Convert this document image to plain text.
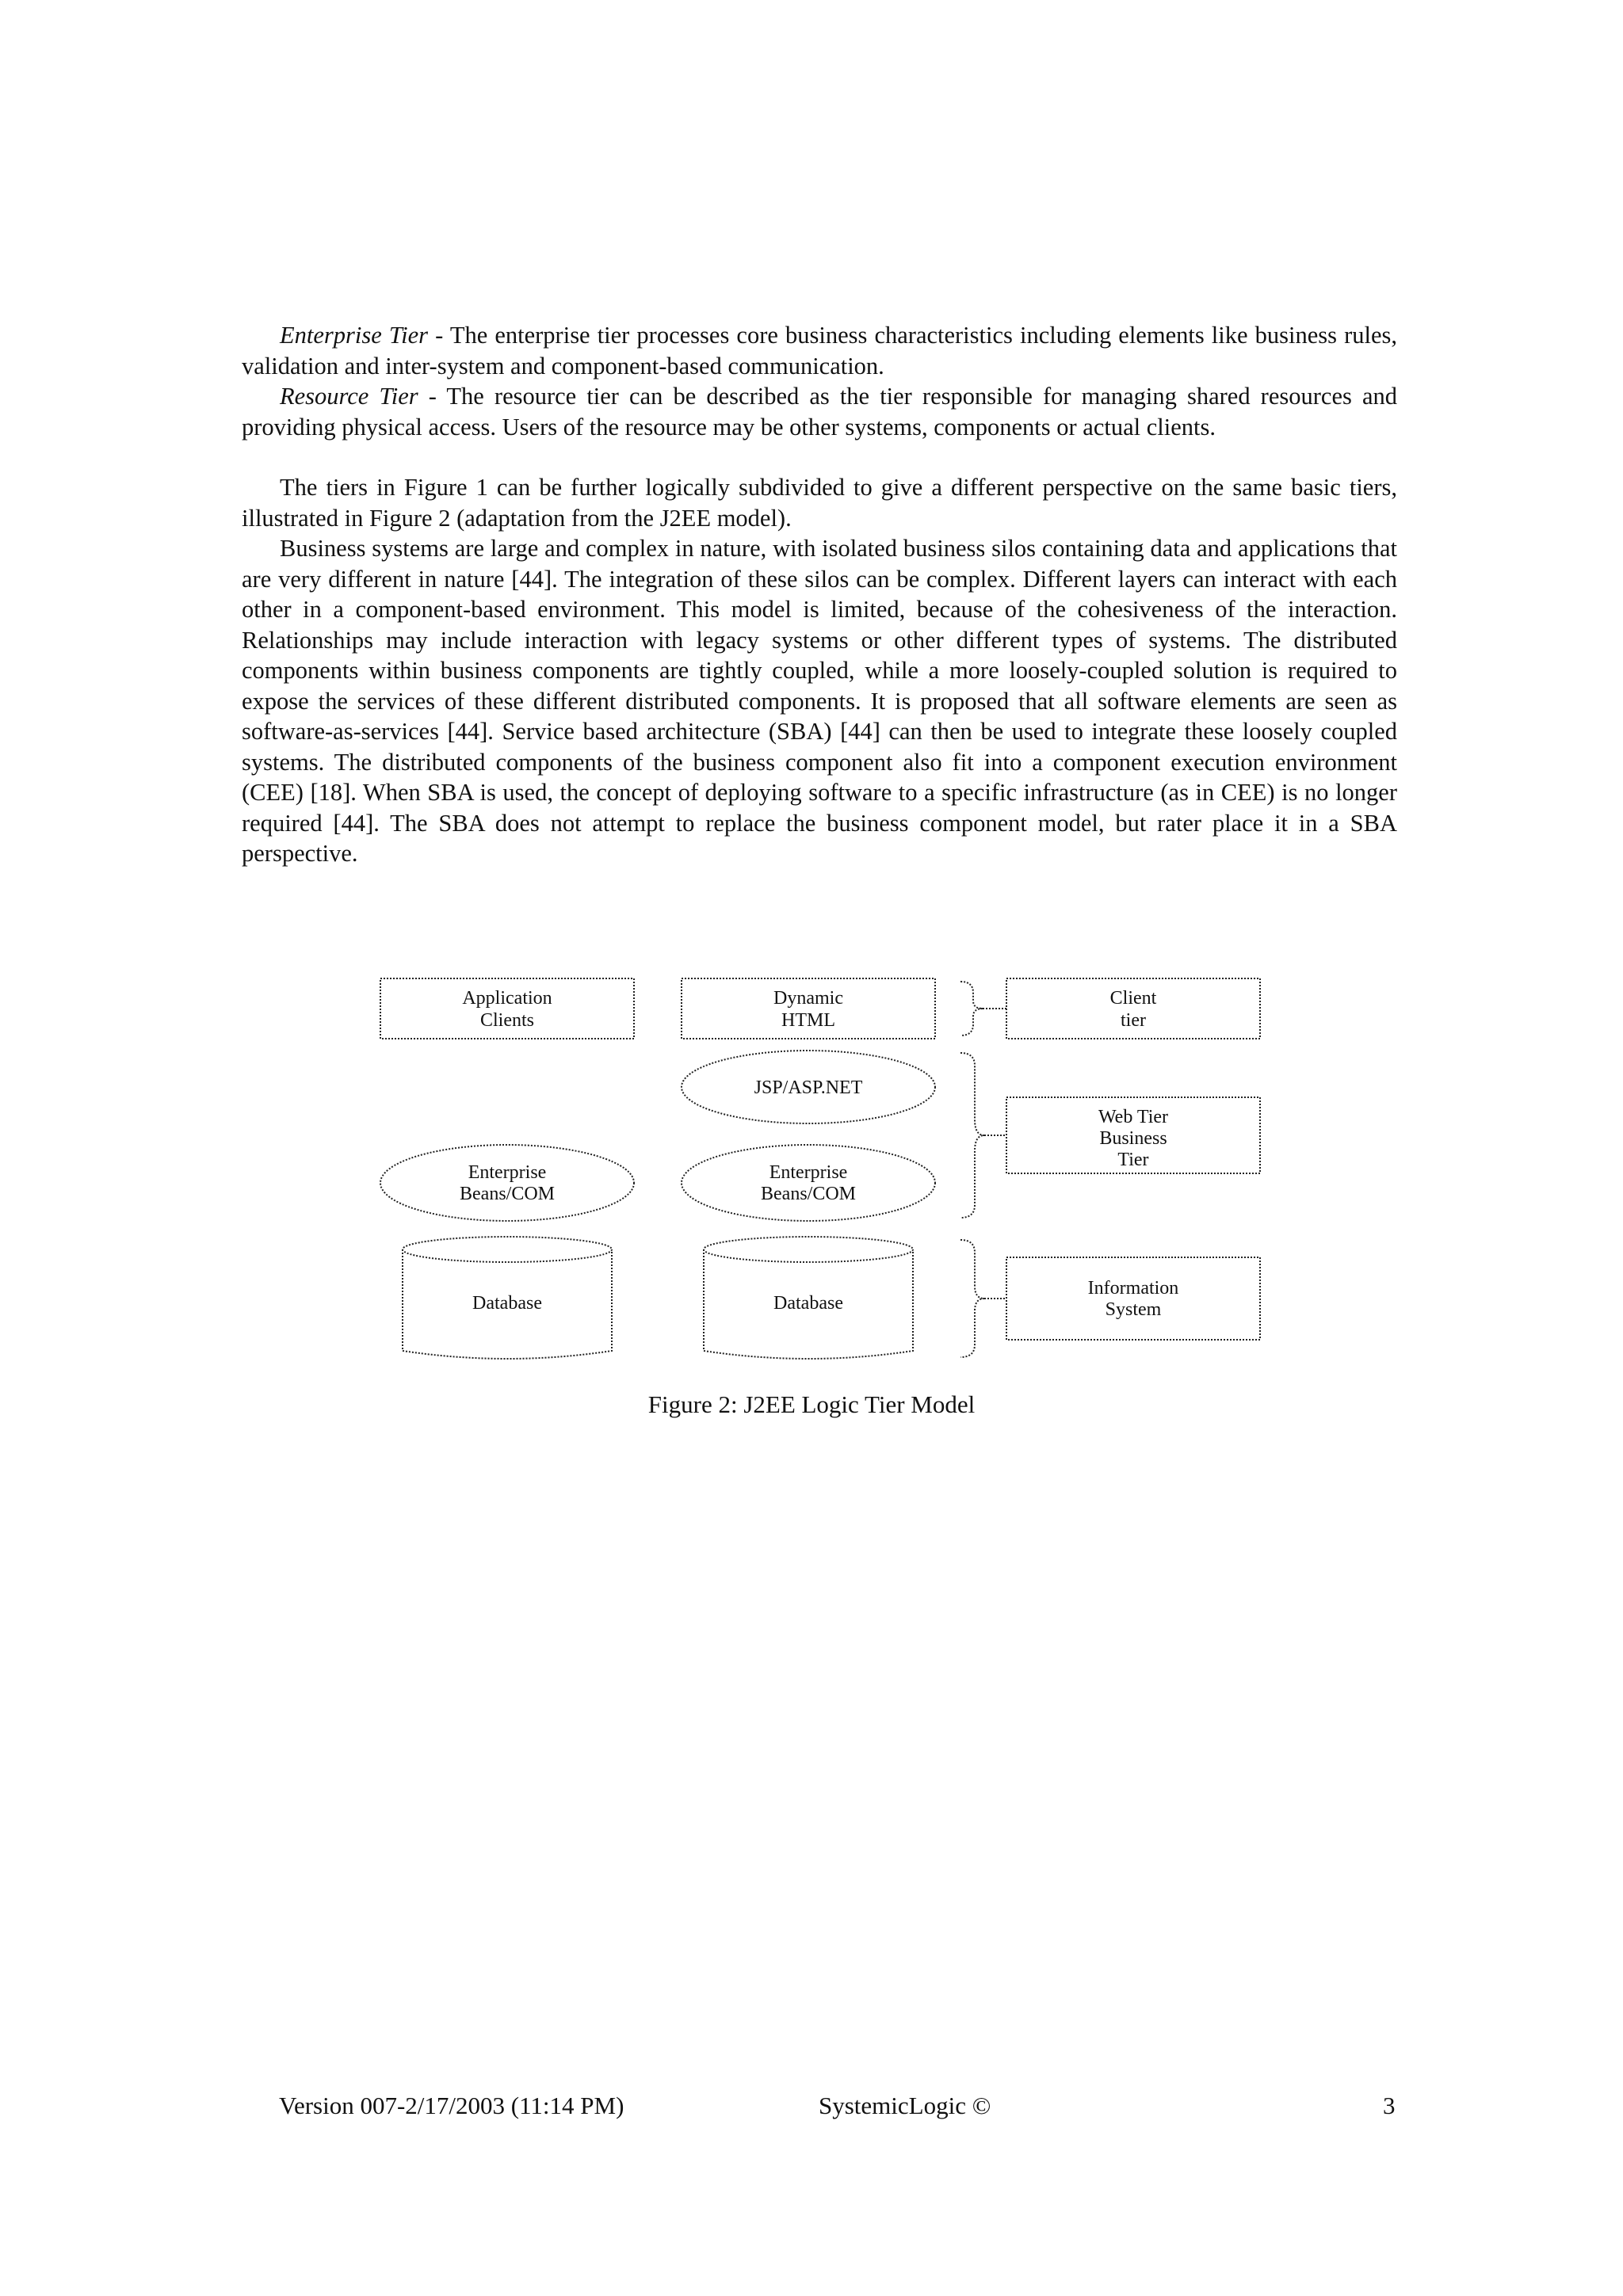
Enterprise Tier - The enterprise tier processes core business characteristics including elements like business rules, validation and inter-system and component-based communication.

Resource Tier - The resource tier can be described as the tier responsible for managing shared resources and providing physical access. Users of the resource may be other systems, components or actual clients.

The tiers in Figure 1 can be further logically subdivided to give a different perspective on the same basic tiers, illustrated in Figure 2 (adaptation from the J2EE model).

Business systems are large and complex in nature, with isolated business silos containing data and applications that are very different in nature [44]. The integration of these silos can be complex. Different layers can interact with each other in a component-based environment. This model is limited, because of the cohesiveness of the interaction. Relationships may include interaction with legacy systems or other different types of systems. The distributed components within business components are tightly coupled, while a more loosely-coupled solution is required to expose the services of these different distributed components. It is proposed that all software elements are seen as software-as-services [44]. Service based architecture (SBA) [44] can then be used to integrate these loosely coupled systems. The distributed components of the business component also fit into a component execution environment (CEE) [18]. When SBA is used, the concept of deploying software to a specific infrastructure (as in CEE) is no longer required [44]. The SBA does not attempt to replace the business component model, but rater place it in a SBA perspective.

Application
Clients
Dynamic
HTML
Client
tier
JSP/ASP.NET
Web Tier
Business
Tier
Enterprise
Beans/COM
Enterprise
Beans/COM
Database	Database
Information
System
Figure 2: J2EE Logic Tier Model
Version 007-2/17/2003 (11:14 PM)	SystemicLogic ©	3
